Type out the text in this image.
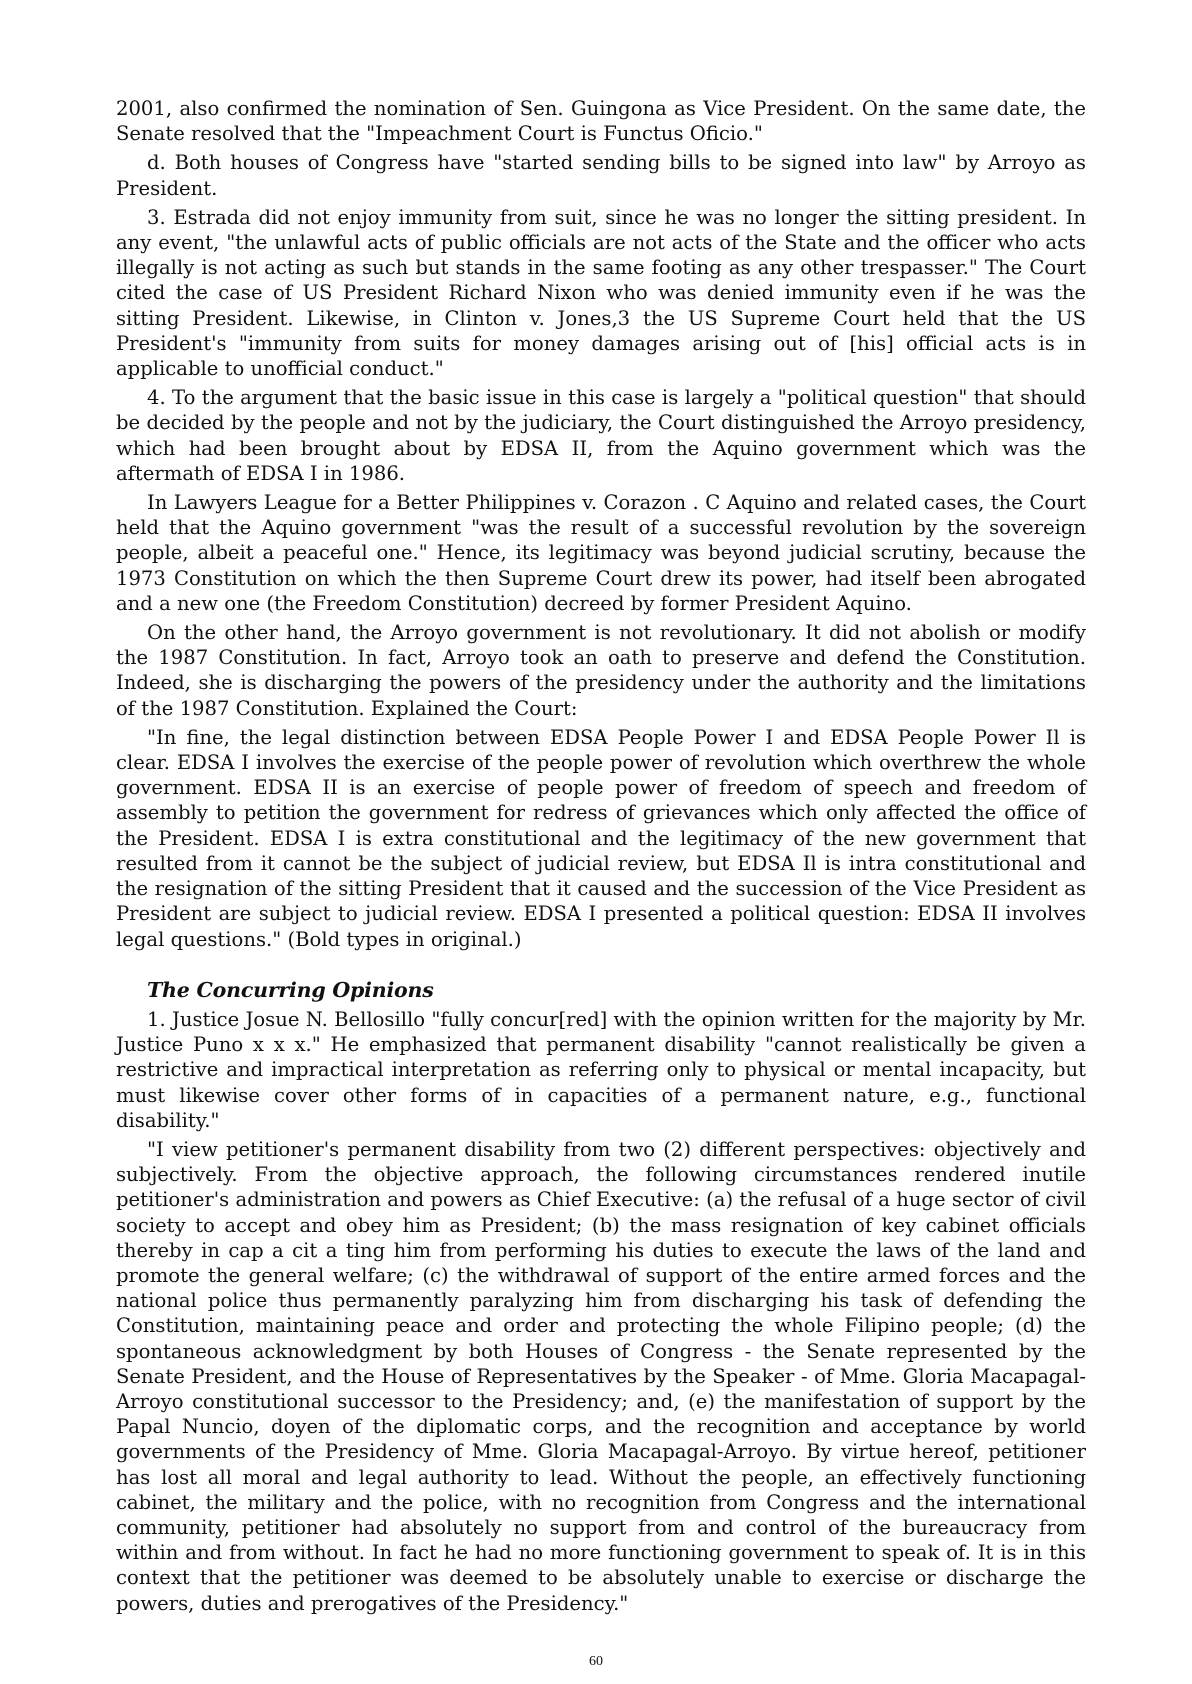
2001, also confirmed the nomination of Sen. Guingona as Vice President. On the same date, the Senate resolved that the "Impeachment Court is Functus Oficio."

d. Both houses of Congress have "started sending bills to be signed into law" by Arroyo as President.

3. Estrada did not enjoy immunity from suit, since he was no longer the sitting president. In any event, "the unlawful acts of public officials are not acts of the State and the officer who acts illegally is not acting as such but stands in the same footing as any other trespasser." The Court cited the case of US President Richard Nixon who was denied immunity even if he was the sitting President. Likewise, in Clinton v. Jones,3 the US Supreme Court held that the US President's "immunity from suits for money damages arising out of [his] official acts is in applicable to unofficial conduct."

4. To the argument that the basic issue in this case is largely a "political question" that should be decided by the people and not by the judiciary, the Court distinguished the Arroyo presidency, which had been brought about by EDSA II, from the Aquino government which was the aftermath of EDSA I in 1986.

In Lawyers League for a Better Philippines v. Corazon . C Aquino and related cases, the Court held that the Aquino government "was the result of a successful revolution by the sovereign people, albeit a peaceful one." Hence, its legitimacy was beyond judicial scrutiny, because the 1973 Constitution on which the then Supreme Court drew its power, had itself been abrogated and a new one (the Freedom Constitution) decreed by former President Aquino.

On the other hand, the Arroyo government is not revolutionary. It did not abolish or modify the 1987 Constitution. In fact, Arroyo took an oath to preserve and defend the Constitution. Indeed, she is discharging the powers of the presidency under the authority and the limitations of the 1987 Constitution. Explained the Court:

"In fine, the legal distinction between EDSA People Power I and EDSA People Power Il is clear. EDSA I involves the exercise of the people power of revolution which overthrew the whole government. EDSA II is an exercise of people power of freedom of speech and freedom of assembly to petition the government for redress of grievances which only affected the office of the President. EDSA I is extra constitutional and the legitimacy of the new government that resulted from it cannot be the subject of judicial review, but EDSA Il is intra constitutional and the resignation of the sitting President that it caused and the succession of the Vice President as President are subject to judicial review. EDSA I presented a political question: EDSA II involves legal questions." (Bold types in original.)

The Concurring Opinions

1. Justice Josue N. Bellosillo "fully concur[red] with the opinion written for the majority by Mr. Justice Puno x x x." He emphasized that permanent disability "cannot realistically be given a restrictive and impractical interpretation as referring only to physical or mental incapacity, but must likewise cover other forms of in capacities of a permanent nature, e.g., functional disability."

"I view petitioner's permanent disability from two (2) different perspectives: objectively and subjectively. From the objective approach, the following circumstances rendered inutile petitioner's administration and powers as Chief Executive: (a) the refusal of a huge sector of civil society to accept and obey him as President; (b) the mass resignation of key cabinet officials thereby in cap a cit a ting him from performing his duties to execute the laws of the land and promote the general welfare; (c) the withdrawal of support of the entire armed forces and the national police thus permanently paralyzing him from discharging his task of defending the Constitution, maintaining peace and order and protecting the whole Filipino people; (d) the spontaneous acknowledgment by both Houses of Congress - the Senate represented by the Senate President, and the House of Representatives by the Speaker - of Mme. Gloria Macapagal-Arroyo constitutional successor to the Presidency; and, (e) the manifestation of support by the Papal Nuncio, doyen of the diplomatic corps, and the recognition and acceptance by world governments of the Presidency of Mme. Gloria Macapagal-Arroyo. By virtue hereof, petitioner has lost all moral and legal authority to lead. Without the people, an effectively functioning cabinet, the military and the police, with no recognition from Congress and the international community, petitioner had absolutely no support from and control of the bureaucracy from within and from without. In fact he had no more functioning government to speak of. It is in this context that the petitioner was deemed to be absolutely unable to exercise or discharge the powers, duties and prerogatives of the Presidency."

60
